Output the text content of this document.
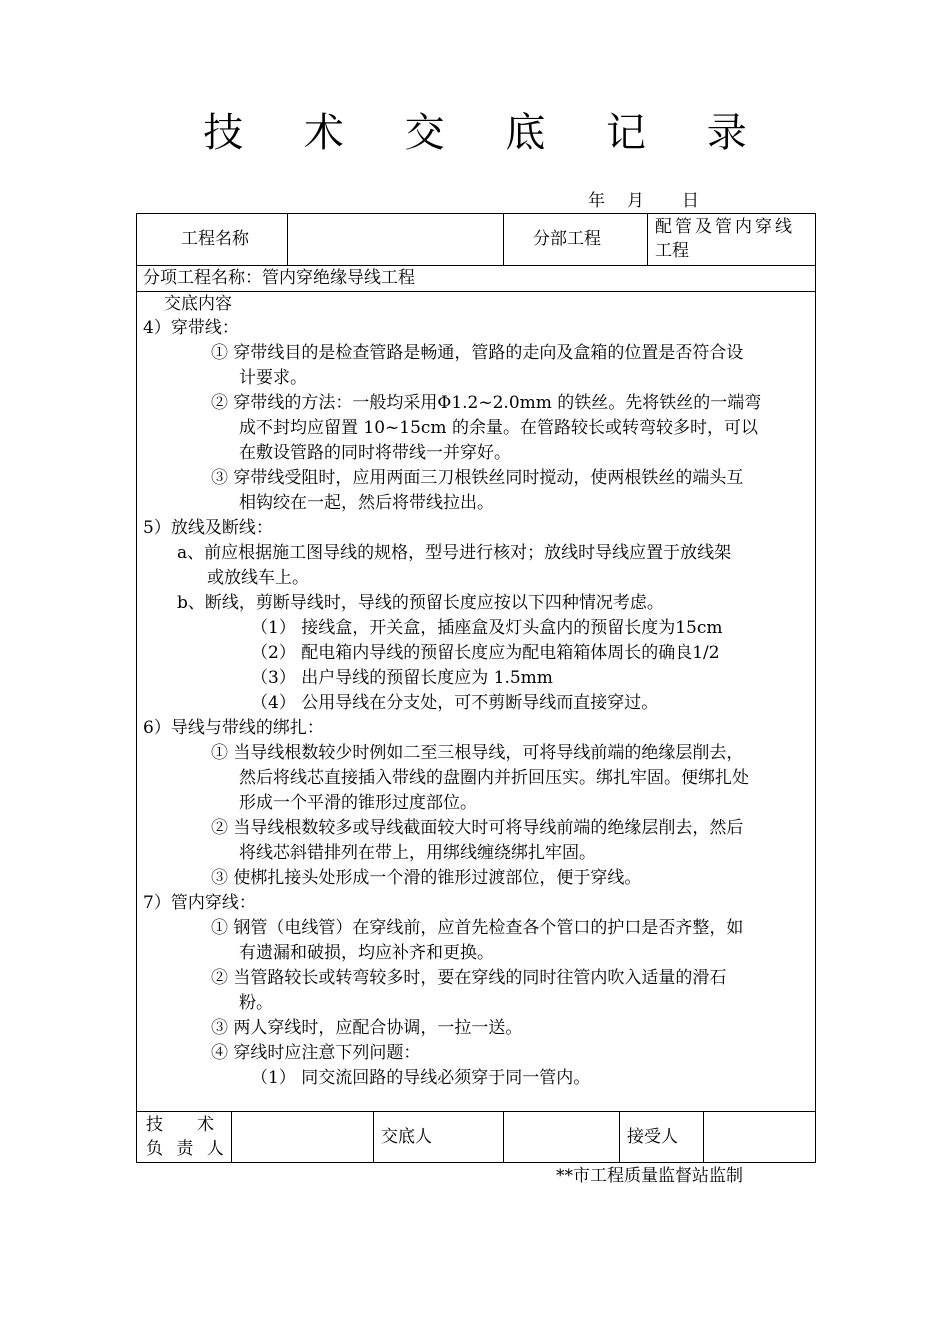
技 术 交 底 记 录
年 月 日
工程名称	分部工程
配管及管内穿线
工程
分项工程名称：管内穿绝缘导线工程
交底内容
4）穿带线：
① 穿带线目的是检查管路是畅通，管路的走向及盒箱的位置是否符合设
计要求。
② 穿带线的方法：一般均采用Φ1.2~2.0mm 的铁丝。先将铁丝的一端弯
成不封均应留置 10~15cm 的余量。在管路较长或转弯较多时，可以
在敷设管路的同时将带线一并穿好。
③ 穿带线受阻时，应用两面三刀根铁丝同时搅动，使两根铁丝的端头互
相钩绞在一起，然后将带线拉出。
5）放线及断线：
a、前应根据施工图导线的规格，型号进行核对；放线时导线应置于放线架
或放线车上。
b、断线，剪断导线时，导线的预留长度应按以下四种情况考虑。
（1） 接线盒，开关盒，插座盒及灯头盒内的预留长度为15cm
（2） 配电箱内导线的预留长度应为配电箱箱体周长的确良1/2
（3） 出户导线的预留长度应为 1.5mm
（4） 公用导线在分支处，可不剪断导线而直接穿过。
6）导线与带线的绑扎：
① 当导线根数较少时例如二至三根导线，可将导线前端的绝缘层削去，
然后将线芯直接插入带线的盘圈内并折回压实。绑扎牢固。便绑扎处
形成一个平滑的锥形过度部位。
② 当导线根数较多或导线截面较大时可将导线前端的绝缘层削去，然后
将线芯斜错排列在带上，用绑线缠绕绑扎牢固。
③ 使梆扎接头处形成一个滑的锥形过渡部位，便于穿线。
7）管内穿线：
① 钢管（电线管）在穿线前，应首先检查各个管口的护口是否齐整，如
有遗漏和破损，均应补齐和更换。
② 当管路较长或转弯较多时，要在穿线的同时往管内吹入适量的滑石
粉。
③ 两人穿线时，应配合协调，一拉一送。
④ 穿线时应注意下列问题：
（1） 同交流回路的导线必须穿于同一管内。
技　　术
负 责 人
交底人	接受人
**市工程质量监督站监制
